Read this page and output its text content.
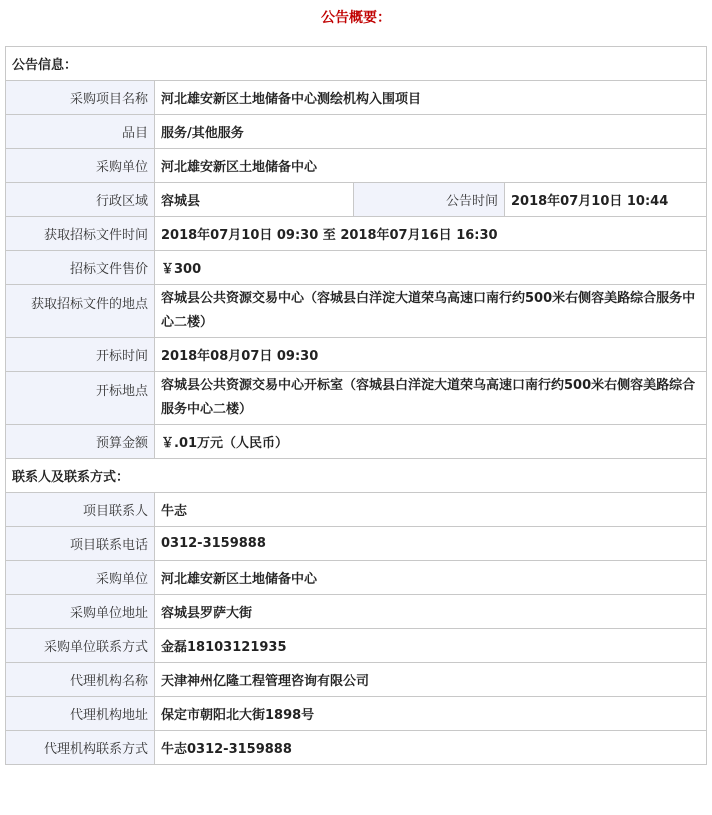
公告概要：
公告信息：			
采购项目名称	河北雄安新区土地储备中心测绘机构入围项目		
品目	服务/其他服务		
采购单位	河北雄安新区土地储备中心		
行政区域	容城县	公告时间	2018年07月10日 10:44
获取招标文件时间	2018年07月10日 09:30 至 2018年07月16日 16:30		
招标文件售价	￥300		
获取招标文件的地点	容城县公共资源交易中心（容城县白洋淀大道荣乌高速口南行约500米右侧容美路综合服务中心二楼）		
开标时间	2018年08月07日 09:30		
开标地点	容城县公共资源交易中心开标室（容城县白洋淀大道荣乌高速口南行约500米右侧容美路综合服务中心二楼）		
预算金额	￥.01万元（人民币）		
联系人及联系方式：			
项目联系人	牛志		
项目联系电话	0312-3159888		
采购单位	河北雄安新区土地储备中心		
采购单位地址	容城县罗萨大街		
采购单位联系方式	金磊18103121935		
代理机构名称	天津神州亿隆工程管理咨询有限公司		
代理机构地址	保定市朝阳北大街1898号		
代理机构联系方式	牛志0312-3159888		
